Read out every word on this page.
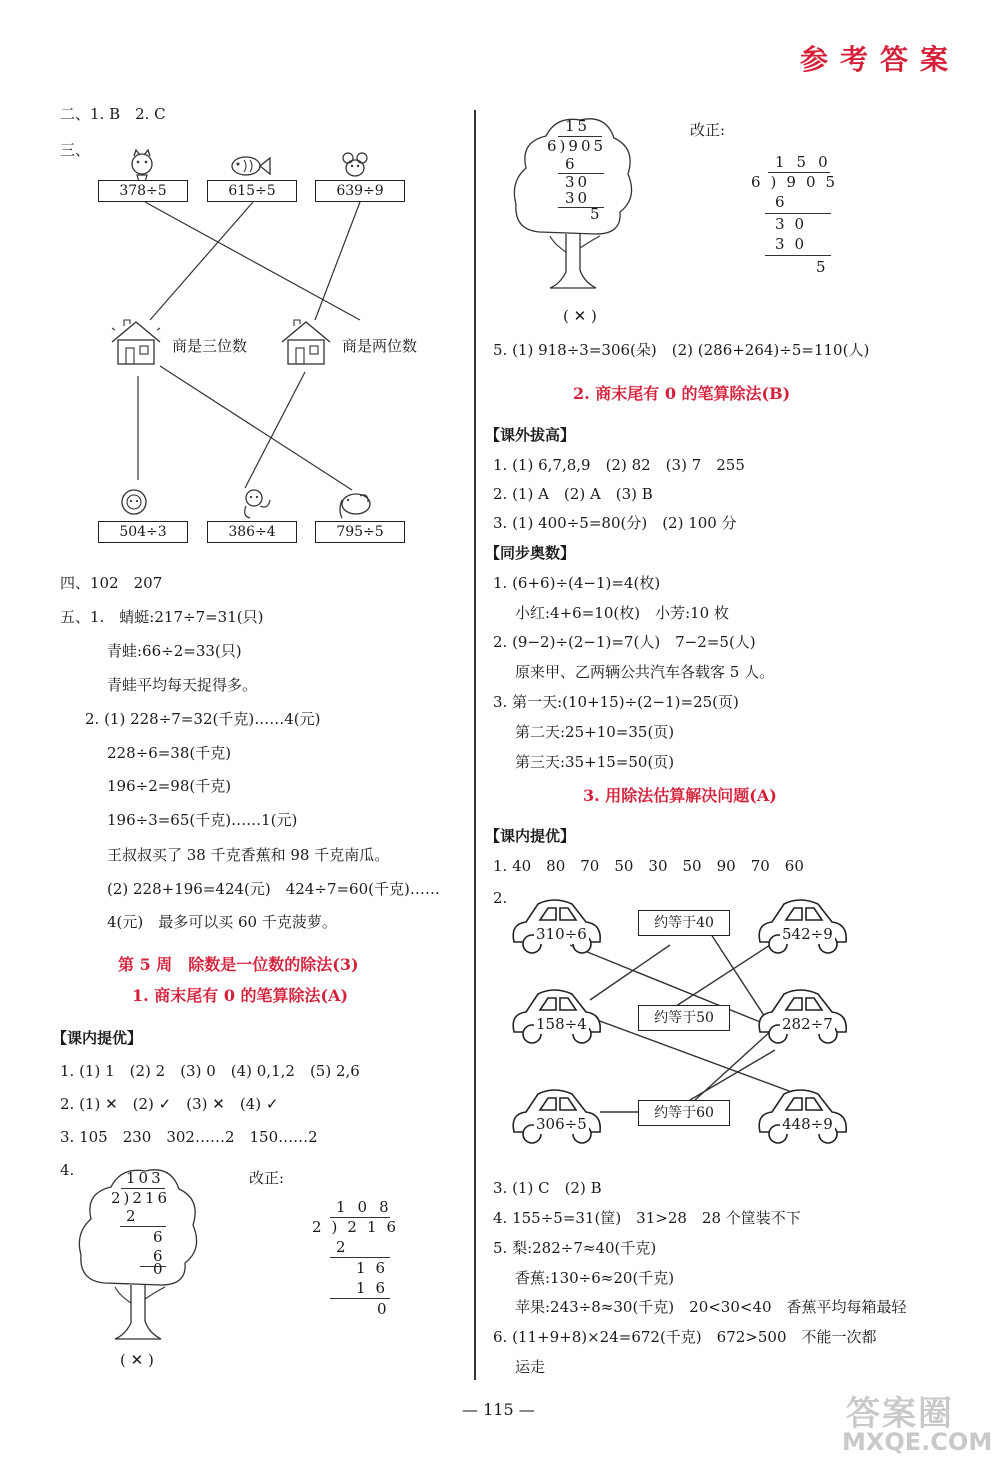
参考答案
二、1. B　2. C
三、
378÷5	615÷5	639÷9
商是三位数	商是两位数
504÷3	386÷4	795÷5
四、102　207
五、1.　蜻蜓:217÷7=31(只)
青蛙:66÷2=33(只)
青蛙平均每天捉得多。
2. (1) 228÷7=32(千克)……4(元)
228÷6=38(千克)
196÷2=98(千克)
196÷3=65(千克)……1(元)
王叔叔买了 38 千克香蕉和 98 千克南瓜。
(2) 228+196=424(元)　424÷7=60(千克)……
4(元)　最多可以买 60 千克菠萝。
第 5 周　除数是一位数的除法(3)
1. 商末尾有 0 的笔算除法(A)
【课内提优】
1. (1) 1　(2) 2　(3) 0　(4) 0,1,2　(5) 2,6
2. (1) ✕　(2) ✓　(3) ✕　(4) ✓
3. 105　230　302……2　150……2
4.	103
2)216
2
6
6
0
( ✕ )
改正:
108
2)216
2
16
16
0
15
6)905
6
30
30
5
( ✕ )
改正:
150
6)905
6
30
30
5
5. (1) 918÷3=306(朵)　(2) (286+264)÷5=110(人)
2. 商末尾有 0 的笔算除法(B)
【课外拔高】
1. (1) 6,7,8,9　(2) 82　(3) 7　255
2. (1) A　(2) A　(3) B
3. (1) 400÷5=80(分)　(2) 100 分
【同步奥数】
1. (6+6)÷(4−1)=4(枚)
小红:4+6=10(枚)　小芳:10 枚
2. (9−2)÷(2−1)=7(人)　7−2=5(人)
原来甲、乙两辆公共汽车各载客 5 人。
3. 第一天:(10+15)÷(2−1)=25(页)
第二天:25+10=35(页)
第三天:35+15=50(页)
3. 用除法估算解决问题(A)
【课内提优】
1. 40　80　70　50　30　50　90　70　60
2.
310÷6
158÷4
306÷5
542÷9
282÷7
448÷9
约等于40
约等于50
约等于60
3. (1) C　(2) B
4. 155÷5=31(筐)　31>28　28 个筐装不下
5. 梨:282÷7≈40(千克)
香蕉:130÷6≈20(千克)
苹果:243÷8≈30(千克)　20<30<40　香蕉平均每箱最轻
6. (11+9+8)×24=672(千克)　672>500　不能一次都
运走
— 115 —	答案圈
MXQE.COM
